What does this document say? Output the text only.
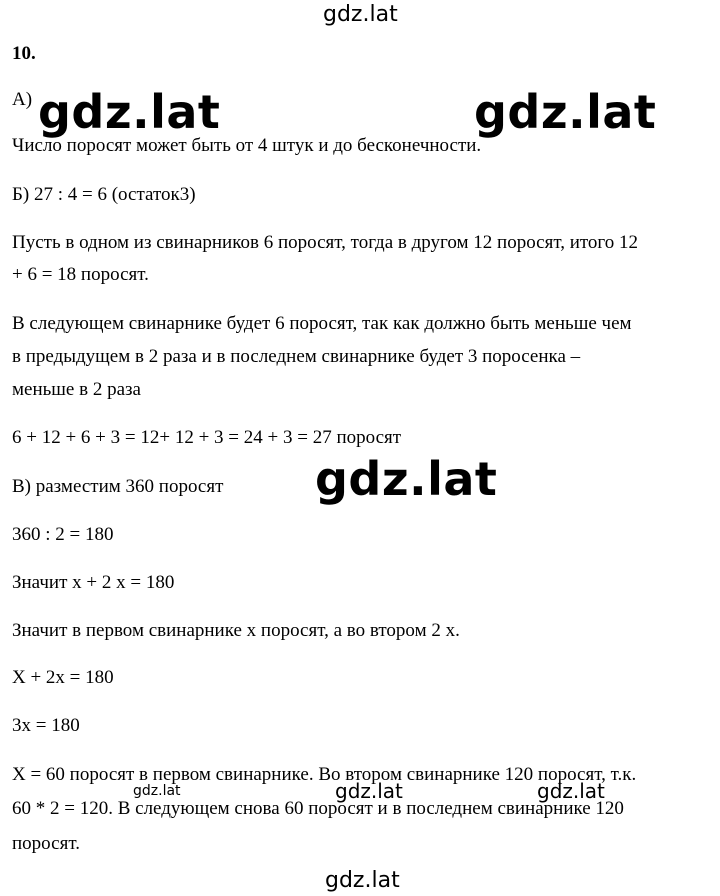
gdz.lat
10.
А)
Число поросят может быть от 4 штук и до бесконечности.
gdz.lat	gdz.lat
Б) 27 : 4 = 6 (остаток3)
Пусть в одном из свинарников 6 поросят, тогда в другом 12 поросят, итого 12
+ 6 = 18 поросят.
В следующем свинарнике будет 6 поросят, так как должно быть меньше чем
в предыдущем в 2 раза и в последнем свинарнике будет 3 поросенка –
меньше в 2 раза
6 + 12 + 6 + 3 = 12+ 12 + 3 = 24 + 3 = 27 поросят
gdz.lat
В) разместим 360 поросят
360 : 2 = 180
Значит х + 2 х = 180
Значит в первом свинарнике х поросят, а во втором 2 х.
Х + 2х = 180
3х = 180
Х = 60 поросят в первом свинарнике. Во втором свинарнике 120 поросят, т.к.
gdz.lat	gdz.lat	gdz.lat
60 * 2 = 120. В следующем снова 60 поросят и в последнем свинарнике 120
поросят.
gdz.lat
